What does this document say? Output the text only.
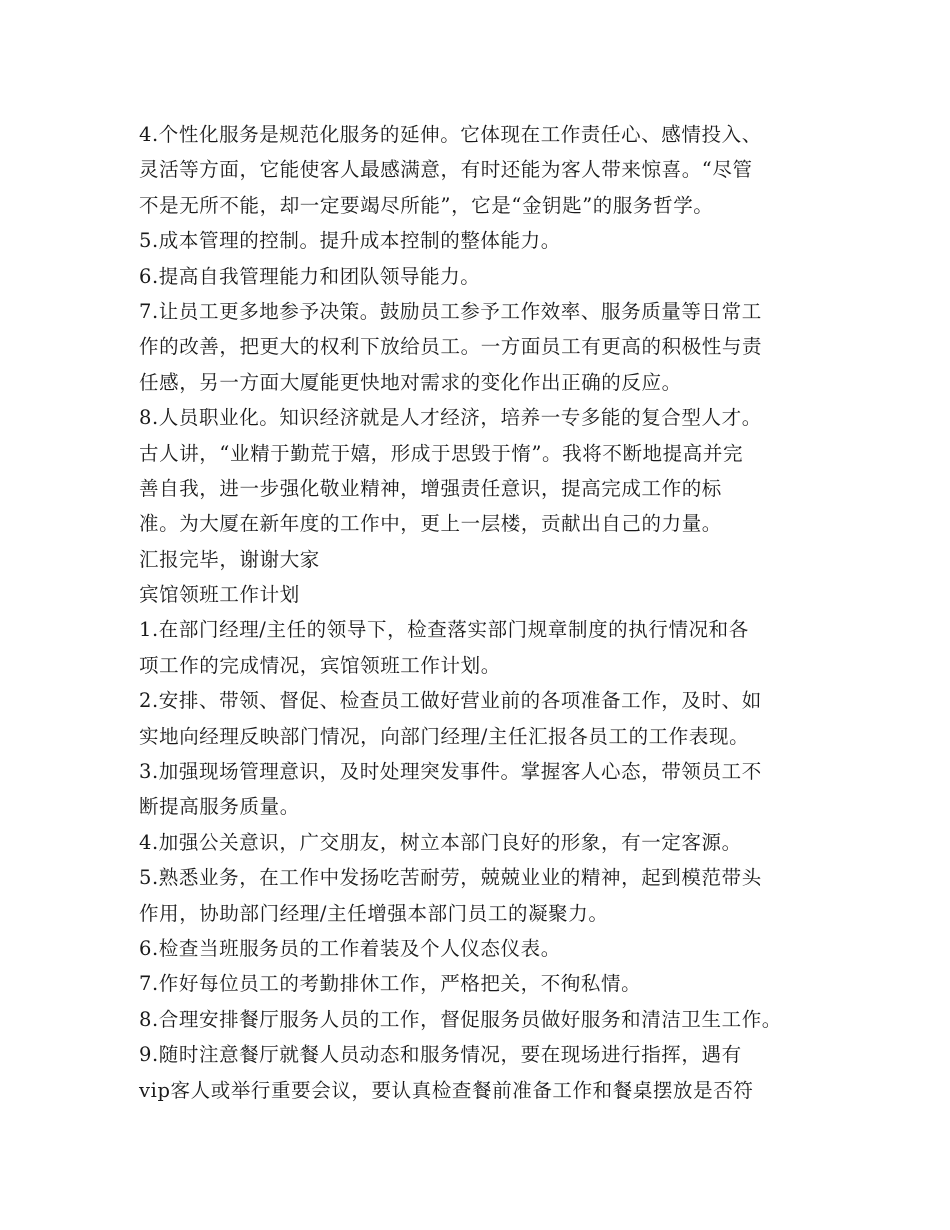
4.个性化服务是规范化服务的延伸。它体现在工作责任心、感情投入、
灵活等方面，它能使客人最感满意，有时还能为客人带来惊喜。“尽管
不是无所不能，却一定要竭尽所能”，它是“金钥匙”的服务哲学。
5.成本管理的控制。提升成本控制的整体能力。
6.提高自我管理能力和团队领导能力。
7.让员工更多地参予决策。鼓励员工参予工作效率、服务质量等日常工
作的改善，把更大的权利下放给员工。一方面员工有更高的积极性与责
任感，另一方面大厦能更快地对需求的变化作出正确的反应。
8.人员职业化。知识经济就是人才经济，培养一专多能的复合型人才。
古人讲，“业精于勤荒于嬉，形成于思毁于惰”。我将不断地提高并完
善自我，进一步强化敬业精神，增强责任意识，提高完成工作的标
准。为大厦在新年度的工作中，更上一层楼，贡献出自己的力量。
汇报完毕，谢谢大家
宾馆领班工作计划
1.在部门经理/主任的领导下，检查落实部门规章制度的执行情况和各
项工作的完成情况，宾馆领班工作计划。
2.安排、带领、督促、检查员工做好营业前的各项准备工作，及时、如
实地向经理反映部门情况，向部门经理/主任汇报各员工的工作表现。
3.加强现场管理意识，及时处理突发事件。掌握客人心态，带领员工不
断提高服务质量。
4.加强公关意识，广交朋友，树立本部门良好的形象，有一定客源。
5.熟悉业务，在工作中发扬吃苦耐劳，兢兢业业的精神，起到模范带头
作用，协助部门经理/主任增强本部门员工的凝聚力。
6.检查当班服务员的工作着装及个人仪态仪表。
7.作好每位员工的考勤排休工作，严格把关，不徇私情。
8.合理安排餐厅服务人员的工作，督促服务员做好服务和清洁卫生工作。
9.随时注意餐厅就餐人员动态和服务情况，要在现场进行指挥，遇有
vip客人或举行重要会议，要认真检查餐前准备工作和餐桌摆放是否符
